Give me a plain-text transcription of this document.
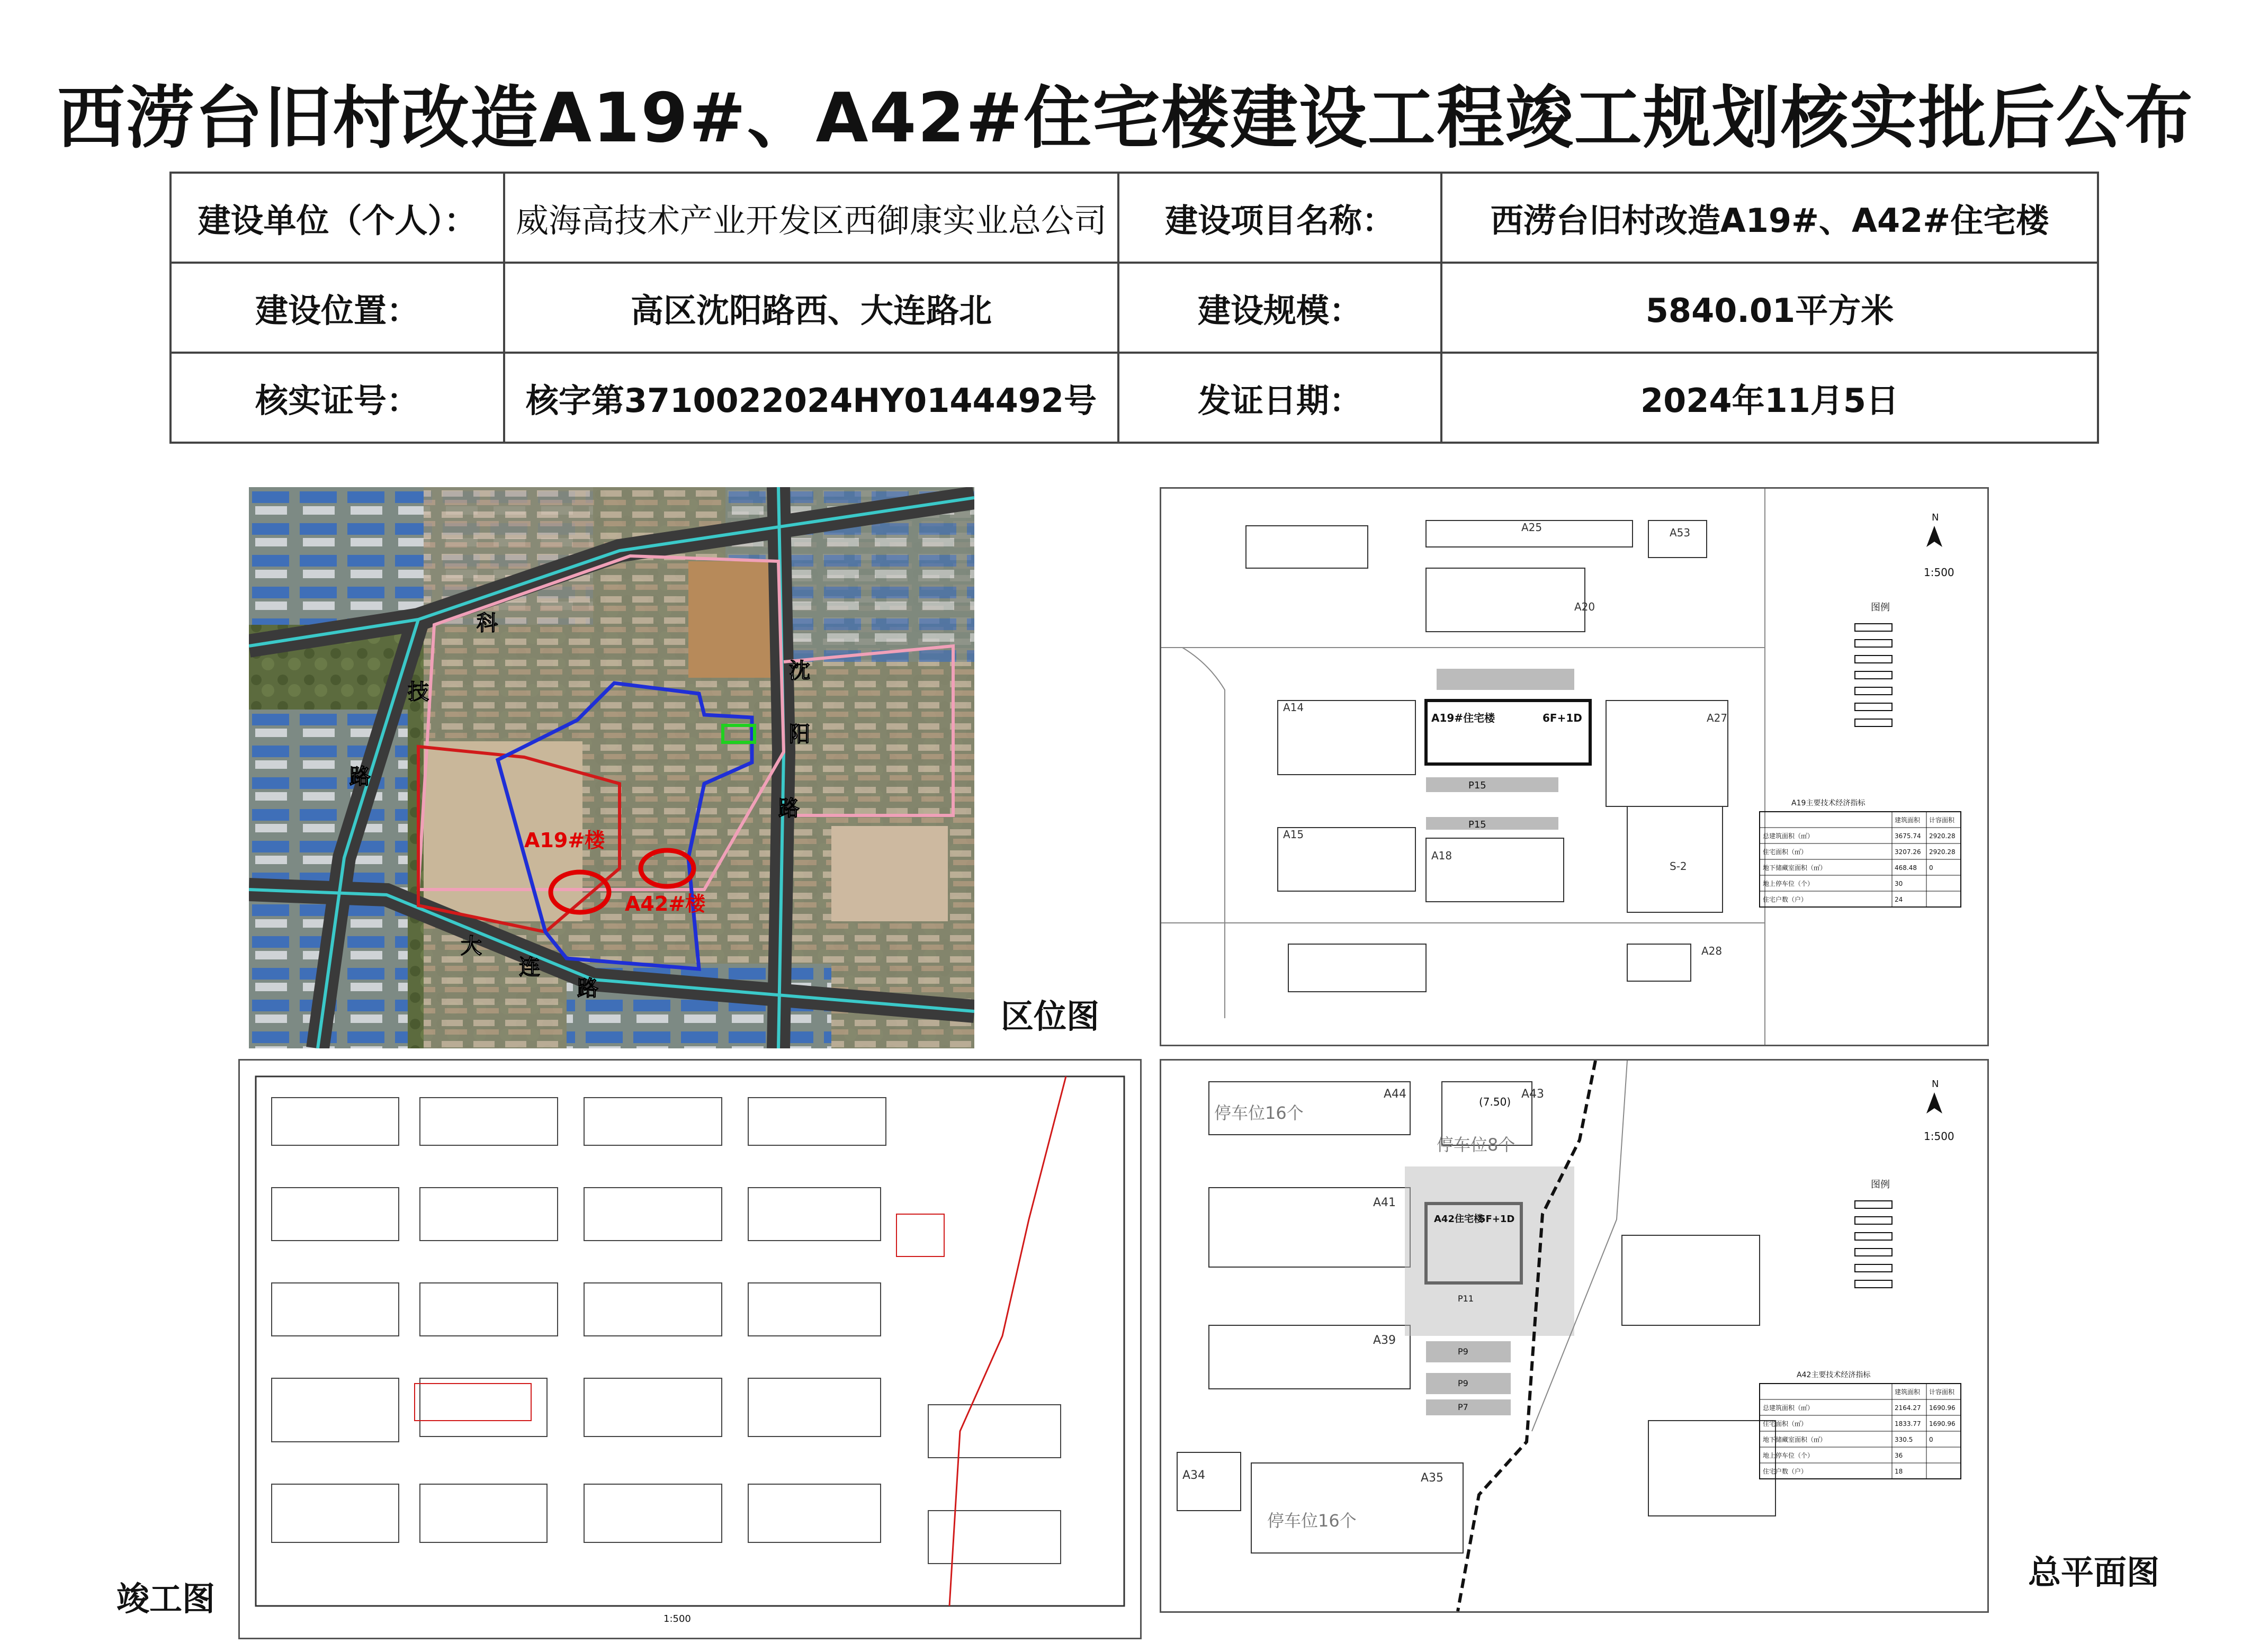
西涝台旧村改造A19#、A42#住宅楼建设工程竣工规划核实批后公布
建设单位（个人）：	威海高技术产业开发区西御康实业总公司	建设项目名称：	西涝台旧村改造A19#、A42#住宅楼
建设位置：	高区沈阳路西、大连路北	建设规模：	5840.01平方米
核实证号：	核字第3710022024HY0144492号	发证日期：	2024年11月5日
科
技
路
沈
阳
路
大
连
路
A19#楼
A42#楼
区位图
A25	A53
A20
A14
A27
A15
A18
A28
S-2
A19#住宅楼	6F+1D
P15
P15
N
1:500
图例
A19主要技术经济指标
建筑面积 计容面积
总建筑面积（㎡）	3675.74 2920.28
住宅面积（㎡）	3207.26 2920.28
地下储藏室面积（㎡）	468.48 0
地上停车位（个）	30
住宅户数（户）	24
1:500
竣工图
A44	A43
A41
A39
A34	A35
停车位16个
停车位8个
停车位16个
(7.50)
A42住宅楼
5F+1D
P11
P9
P9
P7
N
1:500
图例
A42主要技术经济指标
建筑面积 计容面积
总建筑面积（㎡）	2164.27 1690.96
住宅面积（㎡）	1833.77 1690.96
地下储藏室面积（㎡）	330.5	0
地上停车位（个）	36
住宅户数（户）	18
总平面图
